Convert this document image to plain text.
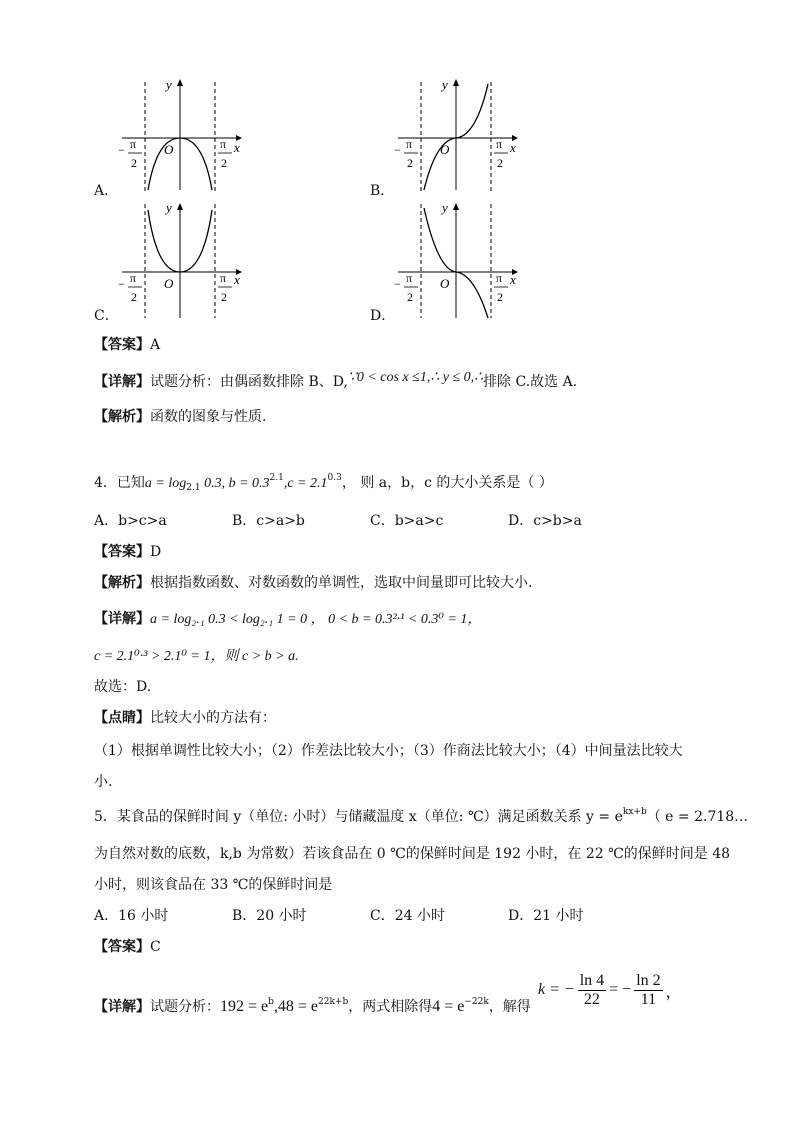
y
x
O
− π
2
π
2
A．
y
x
O
− π
2
π
2
B．
y
x
O
− π
2
π
2
C．
y
x
O
− π
2
π
2
D．
【答案】A
【详解】试题分析：由偶函数排除 B、D,∵0 < cos x ≤1,∴ y ≤ 0,∴排除 C.故选 A.
【解析】函数的图象与性质.
4．已知$a = \log_{2.1} 0.3$, $b = 0.3^{2.1},c = 2.1^{0.3}$， 则 a，b，c 的大小关系是（ ）
A．b>c>a	B．c>a>b	C．b>a>c	D．c>b>a
【答案】D
【解析】根据指数函数、对数函数的单调性，选取中间量即可比较大小.
【详解】a = log₂.₁ 0.3 < log₂.₁ 1 = 0 ， 0 < b = 0.3²·¹ < 0.3⁰ = 1，
c = 2.1⁰·³ > 2.1⁰ = 1，则 c > b > a.
故选：D.
【点睛】比较大小的方法有：
（1）根据单调性比较大小；（2）作差法比较大小；（3）作商法比较大小；（4）中间量法比较大
小.
5．某食品的保鲜时间 y（单位: 小时）与储藏温度 x（单位: ℃）满足函数关系 $y = e^{kx+b}$（ e = 2.718…
为自然对数的底数，k,b 为常数）若该食品在 0 ℃的保鲜时间是 192 小时，在 22 ℃的保鲜时间是 48
小时，则该食品在 33 ℃的保鲜时间是
A．16 小时	B．20 小时	C．24 小时	D．21 小时
【答案】C
【详解】试题分析：$192 = e^b,48 = e^{22k+b}$，两式相除得$4 = e^{-22k}$，解得
k = −
ln 4
22
= −
ln 2
11 ，
